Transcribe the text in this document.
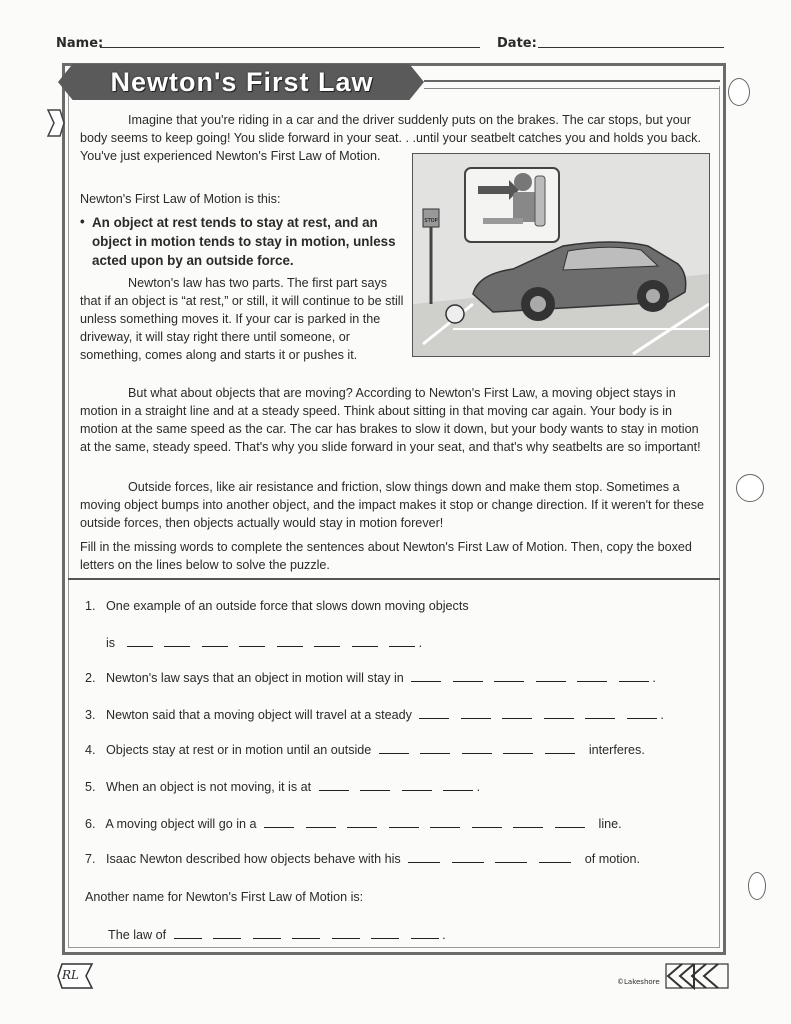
Name:	Date:
Newton's First Law

Imagine that you're riding in a car and the driver suddenly puts on the brakes. The car stops, but your body seems to keep going! You slide forward in your seat. . .until your seatbelt catches you and holds you back. You've just experienced Newton's First Law of Motion.

Newton's First Law of Motion is this:

• An object at rest tends to stay at rest, and an object in motion tends to stay in motion, unless acted upon by an outside force.

Newton's law has two parts. The first part says that if an object is “at rest,” or still, it will continue to be still unless something moves it. If your car is parked in the driveway, it will stay right there until someone, or something, comes along and starts it or pushes it.

But what about objects that are moving? According to Newton's First Law, a moving object stays in motion in a straight line and at a steady speed. Think about sitting in that moving car again. Your body is in motion at the same speed as the car. The car has brakes to slow it down, but your body wants to stay in motion at the same, steady speed. That's why you slide forward in your seat, and that's why seatbelts are so important!

Outside forces, like air resistance and friction, slow things down and make them stop. Sometimes a moving object bumps into another object, and the impact makes it stop or change direction. If it weren't for these outside forces, then objects actually would stay in motion forever!

Fill in the missing words to complete the sentences about Newton's First Law of Motion. Then, copy the boxed letters on the lines below to solve the puzzle.

STOP
1. One example of an outside force that slows down moving objects
is	.
2. Newton's law says that an object in motion will stay in	.
3. Newton said that a moving object will travel at a steady	.
4. Objects stay at rest or in motion until an outside	interferes.
5. When an object is not moving, it is at	.
6. A moving object will go in a	line.
7. Isaac Newton described how objects behave with his	of motion.
Another name for Newton's First Law of Motion is:
The law of	.
RL	©Lakeshore
